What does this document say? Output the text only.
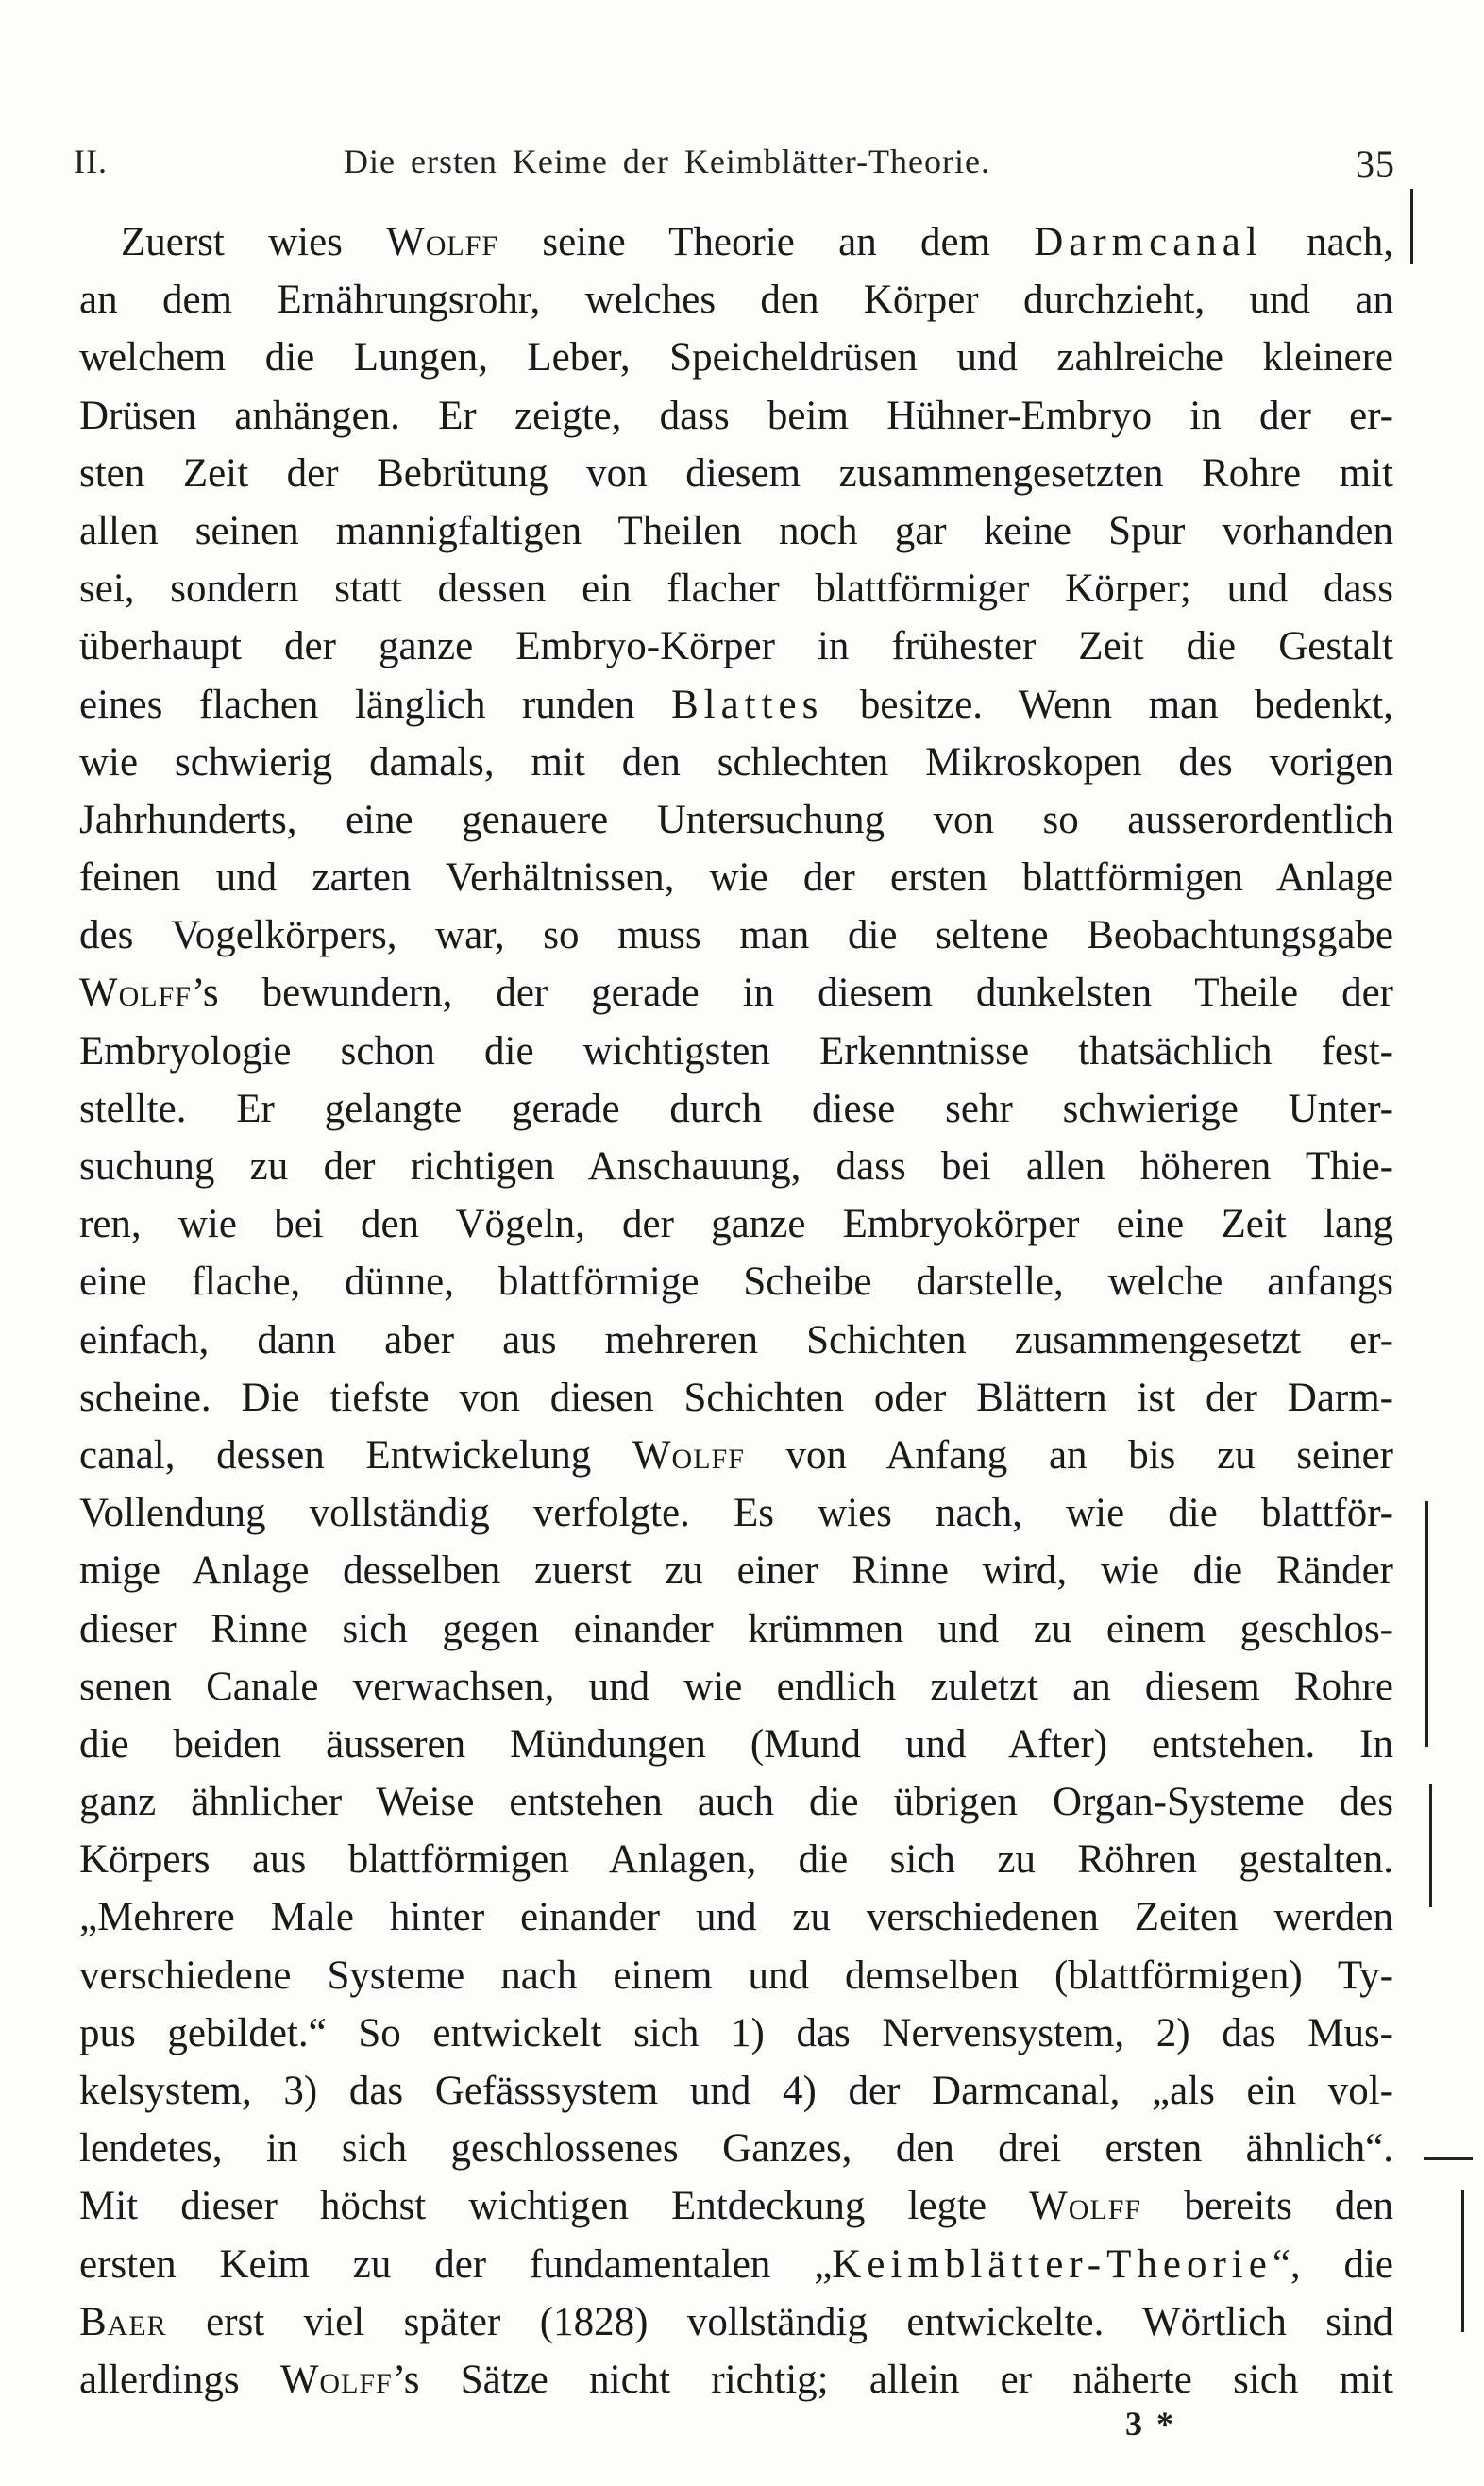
II.	Die ersten Keime der Keimblätter-Theorie.	35
Zuerst wies Wolff seine Theorie an dem Darmcanal nach,
an dem Ernährungsrohr, welches den Körper durchzieht, und an
welchem die Lungen, Leber, Speicheldrüsen und zahlreiche kleinere
Drüsen anhängen. Er zeigte, dass beim Hühner-Embryo in der er-
sten Zeit der Bebrütung von diesem zusammengesetzten Rohre mit
allen seinen mannigfaltigen Theilen noch gar keine Spur vorhanden
sei, sondern statt dessen ein flacher blattförmiger Körper; und dass
überhaupt der ganze Embryo-Körper in frühester Zeit die Gestalt
eines flachen länglich runden Blattes besitze. Wenn man bedenkt,
wie schwierig damals, mit den schlechten Mikroskopen des vorigen
Jahrhunderts, eine genauere Untersuchung von so ausserordentlich
feinen und zarten Verhältnissen, wie der ersten blattförmigen Anlage
des Vogelkörpers, war, so muss man die seltene Beobachtungsgabe
Wolff’s bewundern, der gerade in diesem dunkelsten Theile der
Embryologie schon die wichtigsten Erkenntnisse thatsächlich fest-
stellte. Er gelangte gerade durch diese sehr schwierige Unter-
suchung zu der richtigen Anschauung, dass bei allen höheren Thie-
ren, wie bei den Vögeln, der ganze Embryokörper eine Zeit lang
eine flache, dünne, blattförmige Scheibe darstelle, welche anfangs
einfach, dann aber aus mehreren Schichten zusammengesetzt er-
scheine. Die tiefste von diesen Schichten oder Blättern ist der Darm-
canal, dessen Entwickelung Wolff von Anfang an bis zu seiner
Vollendung vollständig verfolgte. Es wies nach, wie die blattför-
mige Anlage desselben zuerst zu einer Rinne wird, wie die Ränder
dieser Rinne sich gegen einander krümmen und zu einem geschlos-
senen Canale verwachsen, und wie endlich zuletzt an diesem Rohre
die beiden äusseren Mündungen (Mund und After) entstehen. In
ganz ähnlicher Weise entstehen auch die übrigen Organ-Systeme des
Körpers aus blattförmigen Anlagen, die sich zu Röhren gestalten.
„Mehrere Male hinter einander und zu verschiedenen Zeiten werden
verschiedene Systeme nach einem und demselben (blattförmigen) Ty-
pus gebildet.“ So entwickelt sich 1) das Nervensystem, 2) das Mus-
kelsystem, 3) das Gefässsystem und 4) der Darmcanal, „als ein vol-
lendetes, in sich geschlossenes Ganzes, den drei ersten ähnlich“.
Mit dieser höchst wichtigen Entdeckung legte Wolff bereits den
ersten Keim zu der fundamentalen „Keimblätter-Theorie“, die
Baer erst viel später (1828) vollständig entwickelte. Wörtlich sind
allerdings Wolff’s Sätze nicht richtig; allein er näherte sich mit
3 *
